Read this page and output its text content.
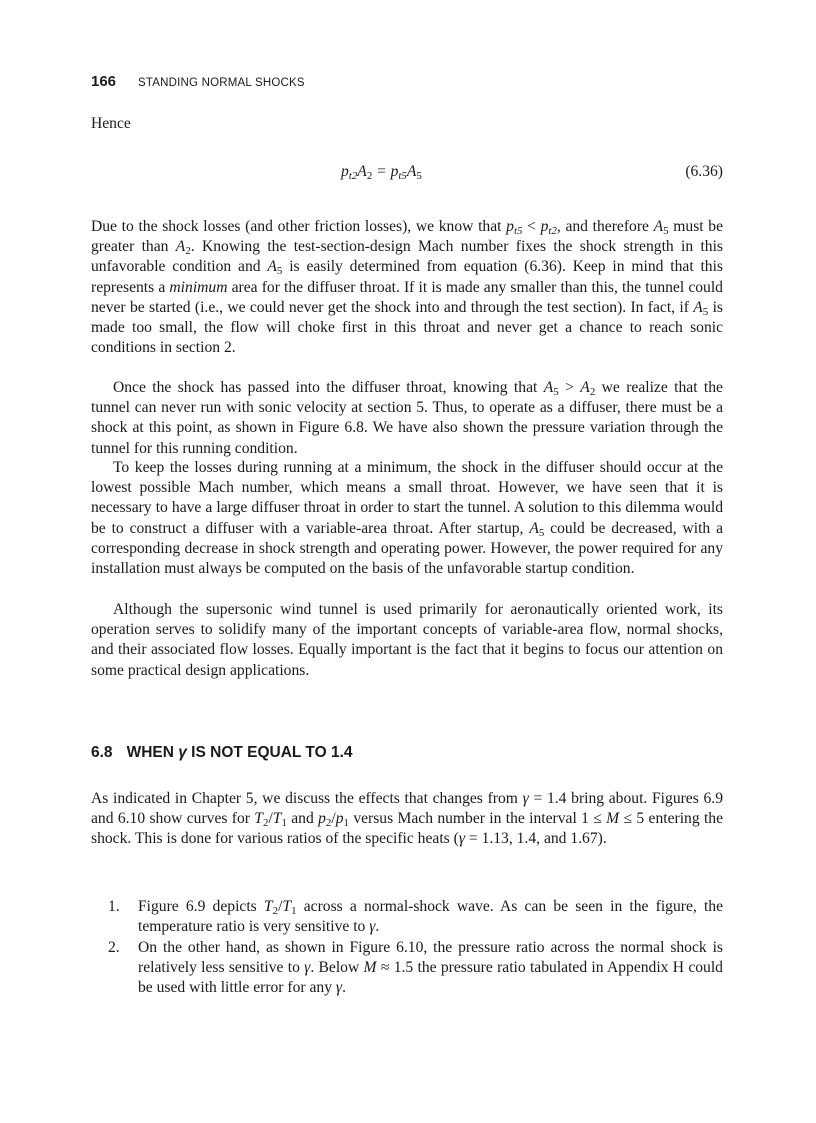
166 STANDING NORMAL SHOCKS

Hence

$p_{t2}A_2 = p_{t5}A_5$	(6.36)

Due to the shock losses (and other friction losses), we know that $p_{t5} < p_{t2}$, and therefore $A_5$ must be greater than $A_2$. Knowing the test-section-design Mach number fixes the shock strength in this unfavorable condition and $A_5$ is easily determined from equation (6.36). Keep in mind that this represents a minimum area for the diffuser throat. If it is made any smaller than this, the tunnel could never be started (i.e., we could never get the shock into and through the test section). In fact, if $A_5$ is made too small, the flow will choke first in this throat and never get a chance to reach sonic conditions in section 2.

Once the shock has passed into the diffuser throat, knowing that $A_5 > A_2$ we realize that the tunnel can never run with sonic velocity at section 5. Thus, to operate as a diffuser, there must be a shock at this point, as shown in Figure 6.8. We have also shown the pressure variation through the tunnel for this running condition.

To keep the losses during running at a minimum, the shock in the diffuser should occur at the lowest possible Mach number, which means a small throat. However, we have seen that it is necessary to have a large diffuser throat in order to start the tunnel. A solution to this dilemma would be to construct a diffuser with a variable-area throat. After startup, $A_5$ could be decreased, with a corresponding decrease in shock strength and operating power. However, the power required for any installation must always be computed on the basis of the unfavorable startup condition.

Although the supersonic wind tunnel is used primarily for aeronautically oriented work, its operation serves to solidify many of the important concepts of variable-area flow, normal shocks, and their associated flow losses. Equally important is the fact that it begins to focus our attention on some practical design applications.

6.8 WHEN γ IS NOT EQUAL TO 1.4

As indicated in Chapter 5, we discuss the effects that changes from γ = 1.4 bring about. Figures 6.9 and 6.10 show curves for $T_2/T_1$ and $p_2/p_1$ versus Mach number in the interval 1 ≤ M ≤ 5 entering the shock. This is done for various ratios of the specific heats (γ = 1.13, 1.4, and 1.67).

1. Figure 6.9 depicts $T_2/T_1$ across a normal-shock wave. As can be seen in the figure, the temperature ratio is very sensitive to γ.
2. On the other hand, as shown in Figure 6.10, the pressure ratio across the normal shock is relatively less sensitive to γ. Below M ≈ 1.5 the pressure ratio tabulated in Appendix H could be used with little error for any γ.
